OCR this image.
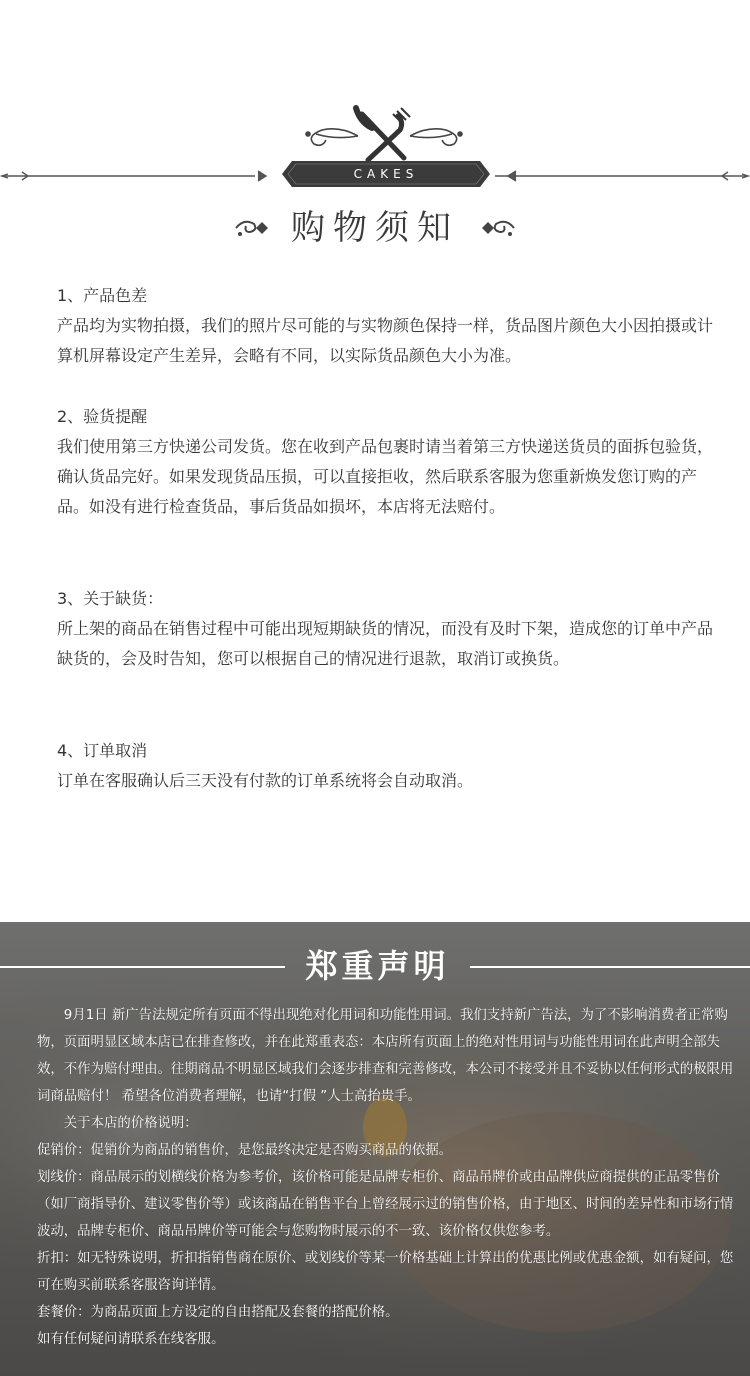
CAKES
购物须知
1、产品色差
产品均为实物拍摄，我们的照片尽可能的与实物颜色保持一样，货品图片颜色大小因拍摄或计算机屏幕设定产生差异，会略有不同，以实际货品颜色大小为准。
2、验货提醒
我们使用第三方快递公司发货。您在收到产品包裹时请当着第三方快递送货员的面拆包验货，确认货品完好。如果发现货品压损，可以直接拒收，然后联系客服为您重新焕发您订购的产品。如没有进行检查货品，事后货品如损坏，本店将无法赔付。
3、关于缺货：
所上架的商品在销售过程中可能出现短期缺货的情况，而没有及时下架，造成您的订单中产品缺货的，会及时告知，您可以根据自己的情况进行退款，取消订或换货。
4、订单取消
订单在客服确认后三天没有付款的订单系统将会自动取消。
郑重声明

9月1日 新广告法规定所有页面不得出现绝对化用词和功能性用词。我们支持新广告法，为了不影响消费者正常购物，页面明显区域本店已在排查修改，并在此郑重表态：本店所有页面上的绝对性用词与功能性用词在此声明全部失效，不作为赔付理由。往期商品不明显区域我们会逐步排查和完善修改，本公司不接受并且不妥协以任何形式的极限用词商品赔付！ 希望各位消费者理解，也请“打假 ”人士高抬贵手。

关于本店的价格说明：

促销价：促销价为商品的销售价，是您最终决定是否购买商品的依据。

划线价：商品展示的划横线价格为参考价，该价格可能是品牌专柜价、商品吊牌价或由品牌供应商提供的正品零售价（如厂商指导价、建议零售价等）或该商品在销售平台上曾经展示过的销售价格，由于地区、时间的差异性和市场行情波动，品牌专柜价、商品吊牌价等可能会与您购物时展示的不一致、该价格仅供您参考。

折扣：如无特殊说明，折扣指销售商在原价、或划线价等某一价格基础上计算出的优惠比例或优惠金额，如有疑问，您可在购买前联系客服咨询详情。

套餐价：为商品页面上方设定的自由搭配及套餐的搭配价格。

如有任何疑问请联系在线客服。
